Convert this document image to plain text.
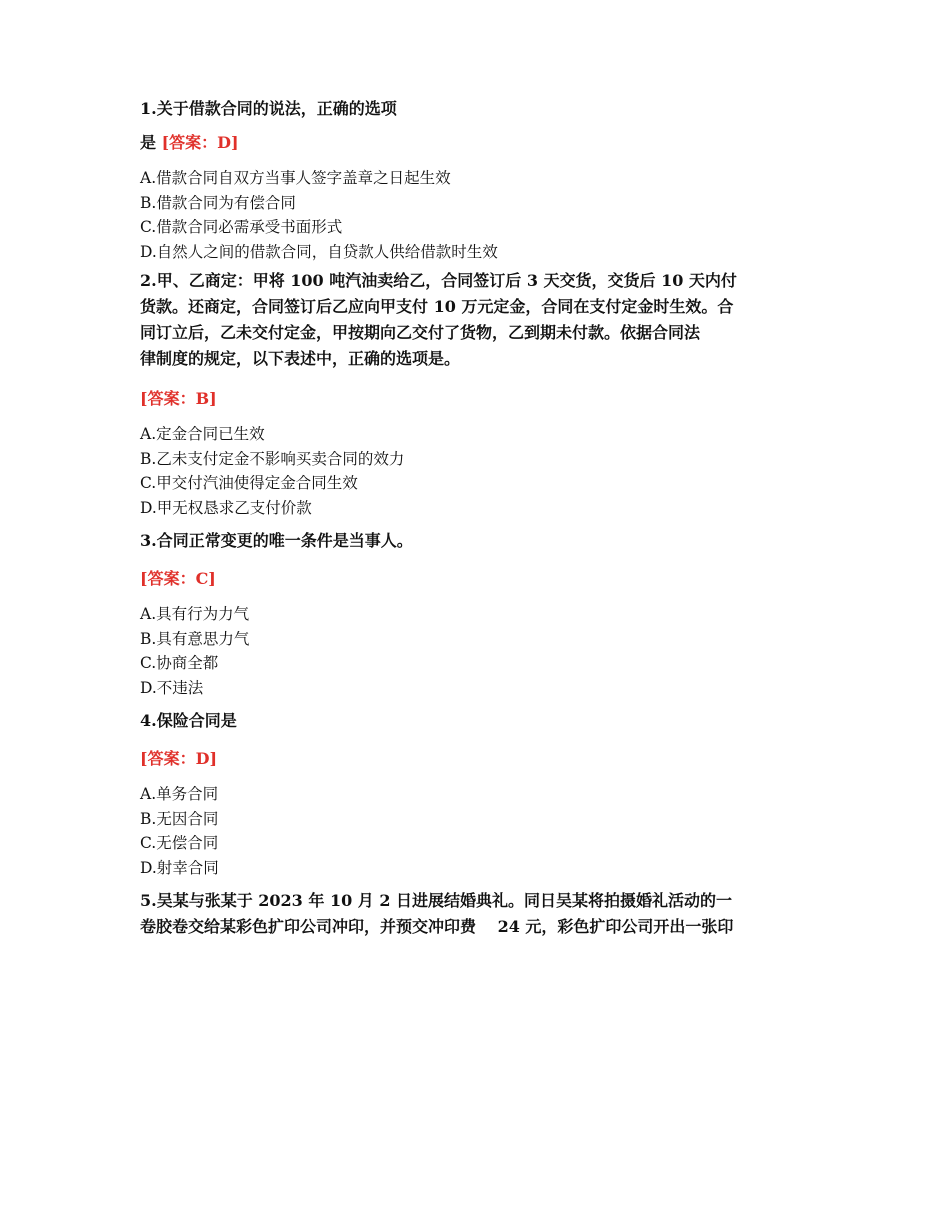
1.关于借款合同的说法，正确的选项

是 [答案：D]

A.借款合同自双方当事人签字盖章之日起生效

B.借款合同为有偿合同

C.借款合同必需承受书面形式

D.自然人之间的借款合同，自贷款人供给借款时生效

2.甲、乙商定：甲将 100 吨汽油卖给乙，合同签订后 3 天交货，交货后 10 天内付

货款。还商定，合同签订后乙应向甲支付 10 万元定金，合同在支付定金时生效。合

同订立后，乙未交付定金，甲按期向乙交付了货物，乙到期未付款。依据合同法

律制度的规定，以下表述中，正确的选项是。

[答案：B]

A.定金合同已生效

B.乙未支付定金不影响买卖合同的效力

C.甲交付汽油使得定金合同生效

D.甲无权恳求乙支付价款

3.合同正常变更的唯一条件是当事人。

[答案：C]

A.具有行为力气

B.具有意思力气

C.协商全都

D.不违法

4.保险合同是

[答案：D]

A.单务合同

B.无因合同

C.无偿合同

D.射幸合同

5.吴某与张某于 2023 年 10 月 2 日进展结婚典礼。同日吴某将拍摄婚礼活动的一

卷胶卷交给某彩色扩印公司冲印，并预交冲印费　 24 元，彩色扩印公司开出一张印
